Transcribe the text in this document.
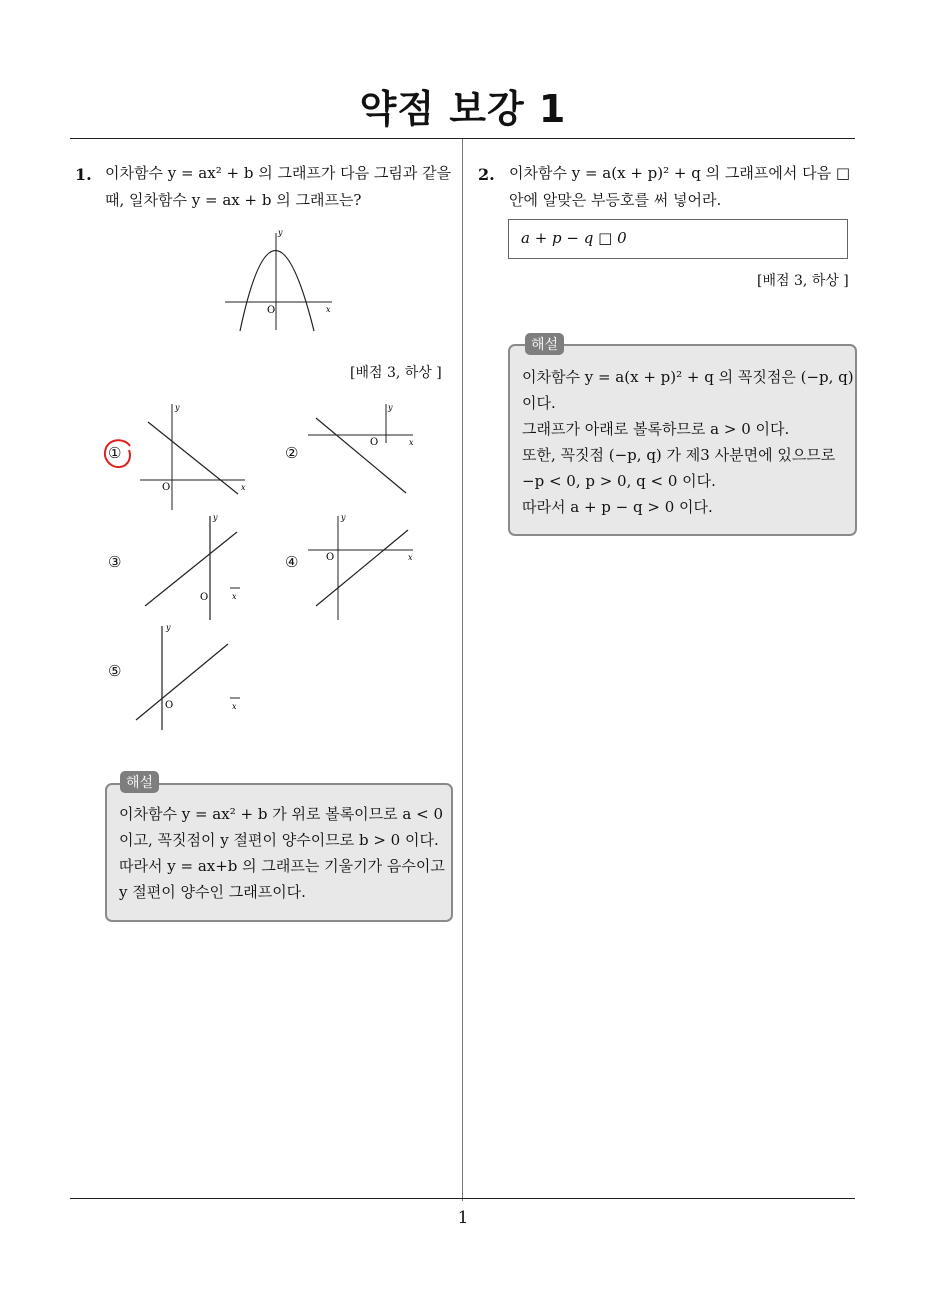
약점 보강 1
1. 이차함수 y = ax² + b 의 그래프가 다음 그림과 같을
때, 일차함수 y = ax + b 의 그래프는?
y
x
O
[배점 3, 하상 ]
①
y
x
O
②
y
x
O
③
y
x
O
④
y
x
O
⑤
y
x
O
이차함수 y = ax² + b 가 위로 볼록이므로 a < 0
이고, 꼭짓점이 y 절편이 양수이므로 b > 0 이다.
따라서 y = ax+b 의 그래프는 기울기가 음수이고
y 절편이 양수인 그래프이다.
해설
2. 이차함수 y = a(x + p)² + q 의 그래프에서 다음 □
안에 알맞은 부등호를 써 넣어라.
a + p − q □ 0
[배점 3, 하상 ]
이차함수 y = a(x + p)² + q 의 꼭짓점은 (−p, q)
이다.
그래프가 아래로 볼록하므로 a > 0 이다.
또한, 꼭짓점 (−p, q) 가 제3 사분면에 있으므로
−p < 0, p > 0, q < 0 이다.
따라서 a + p − q > 0 이다.
해설
1
